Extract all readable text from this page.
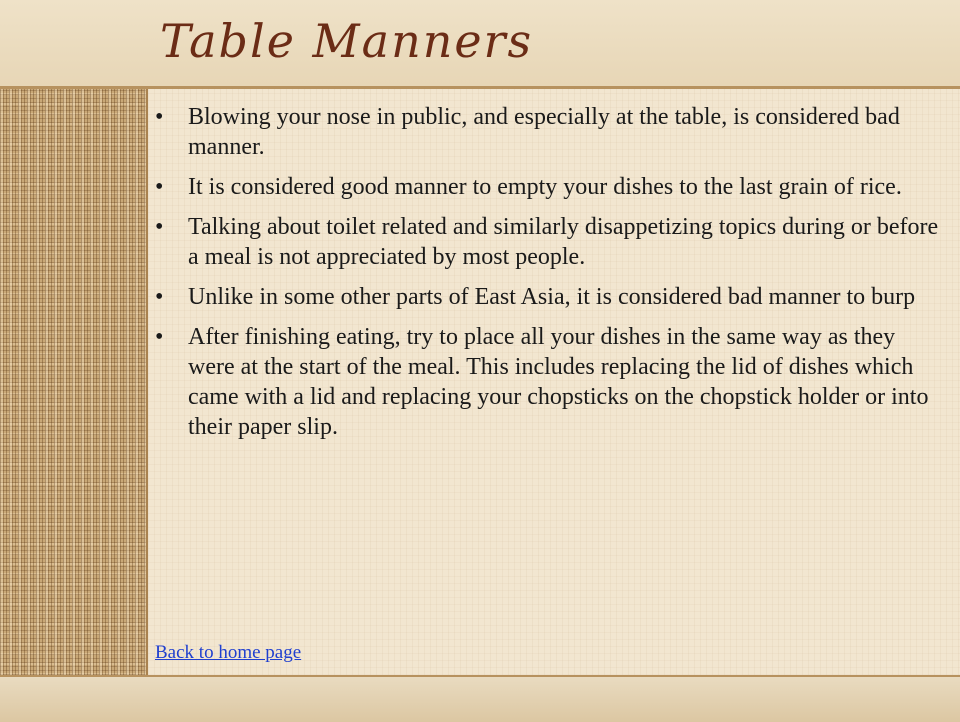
Table Manners
• Blowing your nose in public, and especially at the table, is considered bad manner.
• It is considered good manner to empty your dishes to the last grain of rice.
• Talking about toilet related and similarly disappetizing topics during or before a meal is not appreciated by most people.
• Unlike in some other parts of East Asia, it is considered bad manner to burp
• After finishing eating, try to place all your dishes in the same way as they were at the start of the meal. This includes replacing the lid of dishes which came with a lid and replacing your chopsticks on the chopstick holder or into their paper slip.
Back to home page
